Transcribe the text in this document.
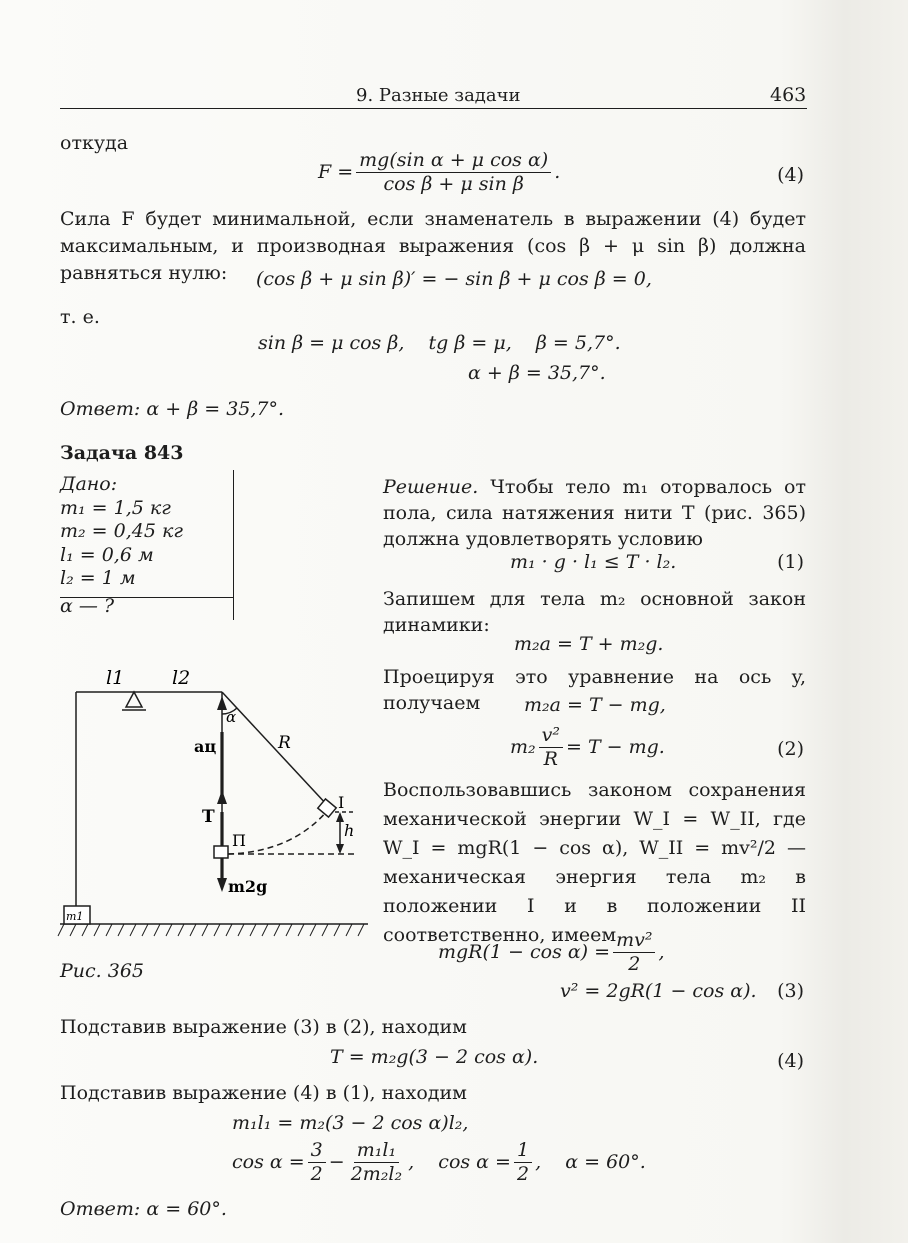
9. Разные задачи	463
откуда
$F = \frac{\text{mg(sin α + μ cos α)}}{\text{cos β + μ sin β}}$ .	(4)
Сила F будет минимальной, если знаменатель в выражении (4) будет максимальным, и производная выражения (cos β + μ sin β) должна равняться нулю:	(cos β + μ sin β)′ = − sin β + μ cos β = 0,
т. е.
sin β = μ cos β,    tg β = μ,    β = 5,7°.
α + β = 35,7°.
Ответ: α + β = 35,7°.
Задача 843
Дано:
m₁ = 1,5 кг
m₂ = 0,45 кг
l₁ = 0,6 м
l₂ = 1 м
α — ?
Решение. Чтобы тело m₁ оторвалось от пола, сила натяжения нити T (рис. 365) должна удовлетворять условию
m₁ · g · l₁ ≤ T · l₂.	(1)
Запишем для тела m₂ основной закон динамики:
m₂a = T + m₂g.
Проецируя это уравнение на ось y, получаем	m₂a = T − mg,
$m_2 \frac{\text{v²}}{R} = T$ − mg.	(2)
Воспользовавшись законом сохранения механической энергии W_I = W_II, где W_I = mgR(1 − cos α), W_II = mv²/2 — механическая энергия тела m₂ в положении I и в положении II соответственно, имеем
$mgR(1 - \cos \alpha) = \frac{\text{mv²}}{2}$ ,
v² = 2gR(1 − cos α). (3)
l1	l2
α
aц	R
T
I
П
h
m2g
m1
Рис. 365
Подставив выражение (3) в (2), находим
T = m₂g(3 − 2 cos α).	(4)
Подставив выражение (4) в (1), находим
m₁l₁ = m₂(3 − 2 cos α)l₂,
$\cos \alpha = \frac{3}{2} - \frac{\text{m₁l₁}}{\text{2m₂l₂}}$ ,    $\cos \alpha = \frac{1}{2}$ ,    α = 60°.
Ответ: α = 60°.
